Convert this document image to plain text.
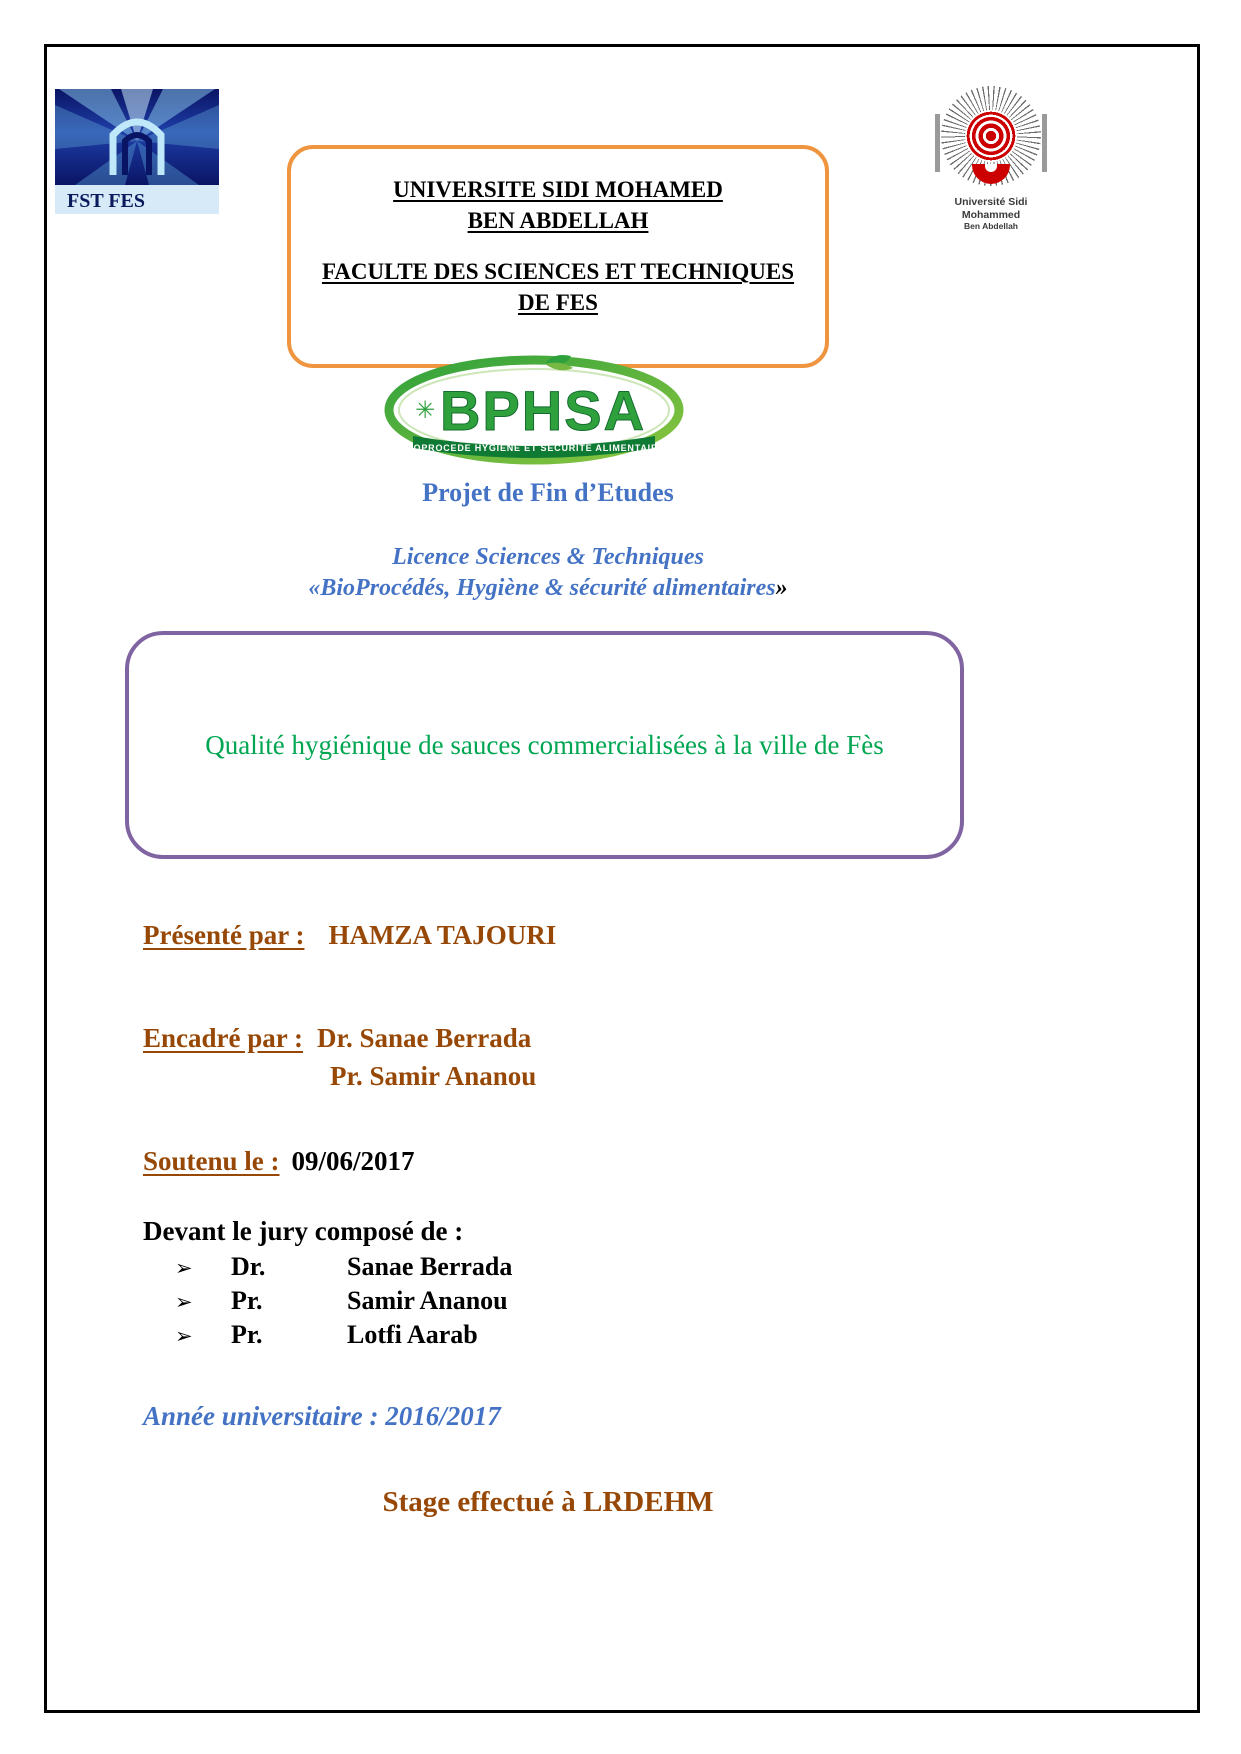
FST FES	UNIVERSITE SIDI MOHAMED
BEN ABDELLAH
FACULTE DES SCIENCES ET TECHNIQUES
DE FES
Université Sidi Mohammed
Ben Abdellah
✳ BPHSA
BIOPROCEDE HYGIENE ET SECURITE ALIMENTAIRE
Projet de Fin d’Etudes
Licence Sciences & Techniques
«BioProcédés, Hygiène & sécurité alimentaires»
Qualité hygiénique de sauces commercialisées à la ville de Fès
Présenté par : HAMZA TAJOURI
Encadré par : Dr. Sanae Berrada
Pr. Samir Ananou
Soutenu le : 09/06/2017
Devant le jury composé de :
➢	Dr.	Sanae Berrada
➢	Pr.	Samir Ananou
➢	Pr.	Lotfi Aarab
Année universitaire : 2016/2017
Stage effectué à LRDEHM
